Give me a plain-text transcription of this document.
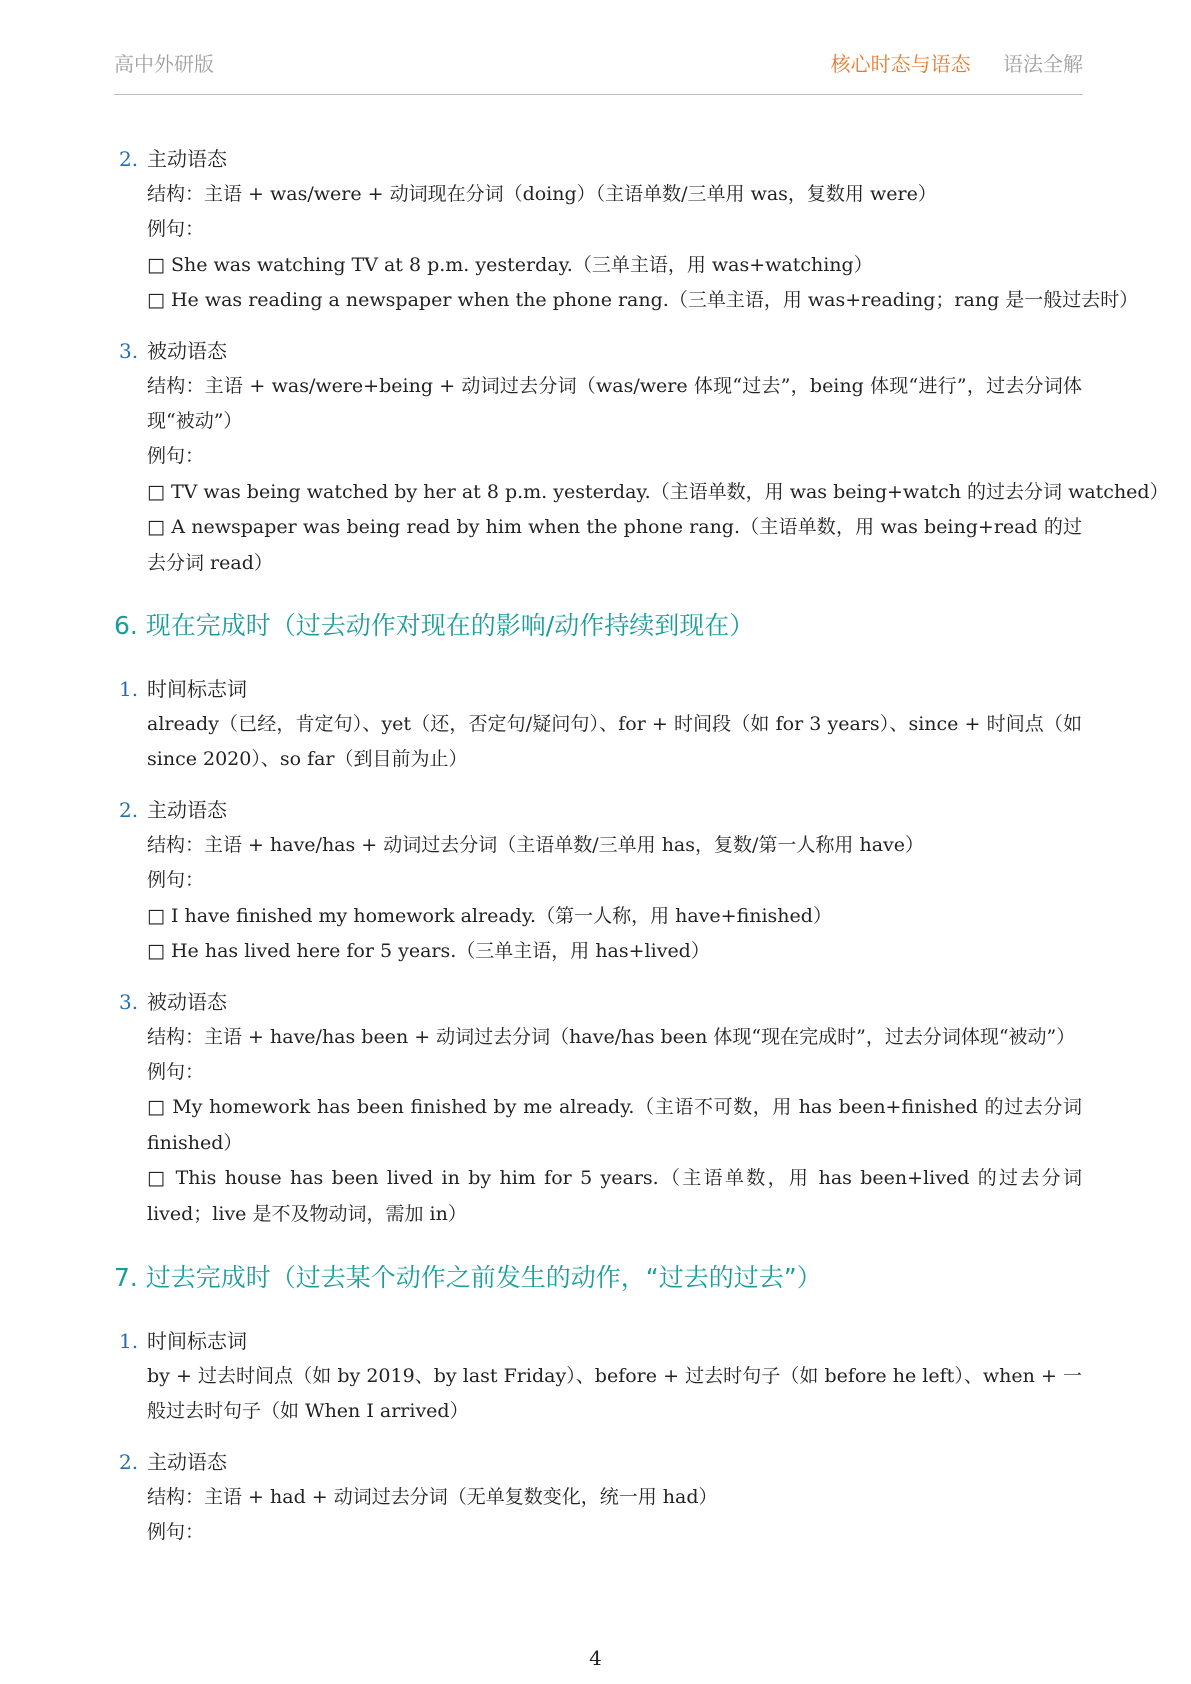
高中外研版	核心时态与语态 语法全解
2. 主动语态
结构：主语 + was/were + 动词现在分词（doing）（主语单数/三单用 was，复数用 were）
例句：
□ She was watching TV at 8 p.m. yesterday.（三单主语，用 was+watching）
□ He was reading a newspaper when the phone rang.（三单主语，用 was+reading；rang 是一般过去时）
3. 被动语态
结构：主语 + was/were+being + 动词过去分词（was/were 体现“过去”，being 体现“进行”，过去分词体现“被动”）
例句：
□ TV was being watched by her at 8 p.m. yesterday.（主语单数，用 was being+watch 的过去分词 watched）
□ A newspaper was being read by him when the phone rang.（主语单数，用 was being+read 的过去分词 read）
6. 现在完成时（过去动作对现在的影响/动作持续到现在）
1. 时间标志词
already（已经，肯定句）、yet（还，否定句/疑问句）、for + 时间段（如 for 3 years）、since + 时间点（如 since 2020）、so far（到目前为止）
2. 主动语态
结构：主语 + have/has + 动词过去分词（主语单数/三单用 has，复数/第一人称用 have）
例句：
□ I have finished my homework already.（第一人称，用 have+finished）
□ He has lived here for 5 years.（三单主语，用 has+lived）
3. 被动语态
结构：主语 + have/has been + 动词过去分词（have/has been 体现“现在完成时”，过去分词体现“被动”）
例句：
□ My homework has been finished by me already.（主语不可数，用 has been+finished 的过去分词 finished）
□ This house has been lived in by him for 5 years.（主语单数，用 has been+lived 的过去分词 lived；live 是不及物动词，需加 in）
7. 过去完成时（过去某个动作之前发生的动作，“过去的过去”）
1. 时间标志词
by + 过去时间点（如 by 2019、by last Friday）、before + 过去时句子（如 before he left）、when + 一般过去时句子（如 When I arrived）
2. 主动语态
结构：主语 + had + 动词过去分词（无单复数变化，统一用 had）
例句：
4
